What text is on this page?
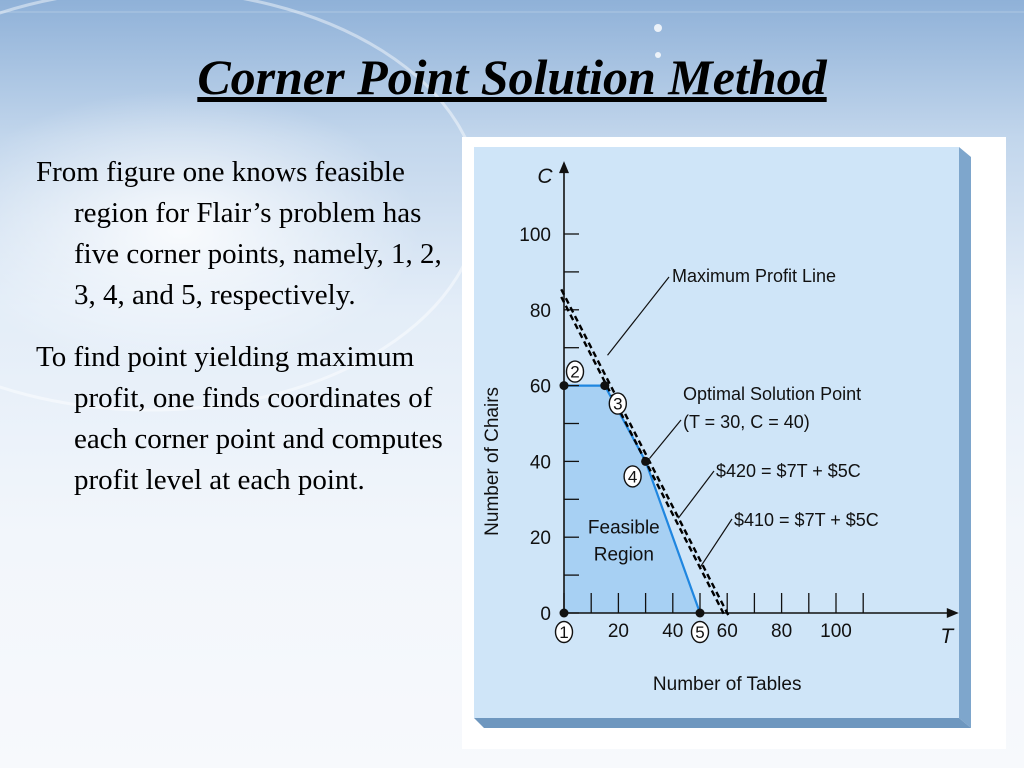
Corner Point Solution Method

From figure one knows feasible region for Flair’s problem has five corner points, namely, 1, 2, 3, 4, and 5, respectively.

To find point yielding maximum profit, one finds coordinates of each corner point and computes profit level at each point.

0
20
40
60
80
100
20 40 60 80 100
C
T
Number of Tables
Number of Chairs
1
2
3
4
5
Feasible
Region
Maximum Profit Line
Optimal Solution Point
(T = 30, C = 40)
$420 = $7T + $5C
$410 = $7T + $5C
